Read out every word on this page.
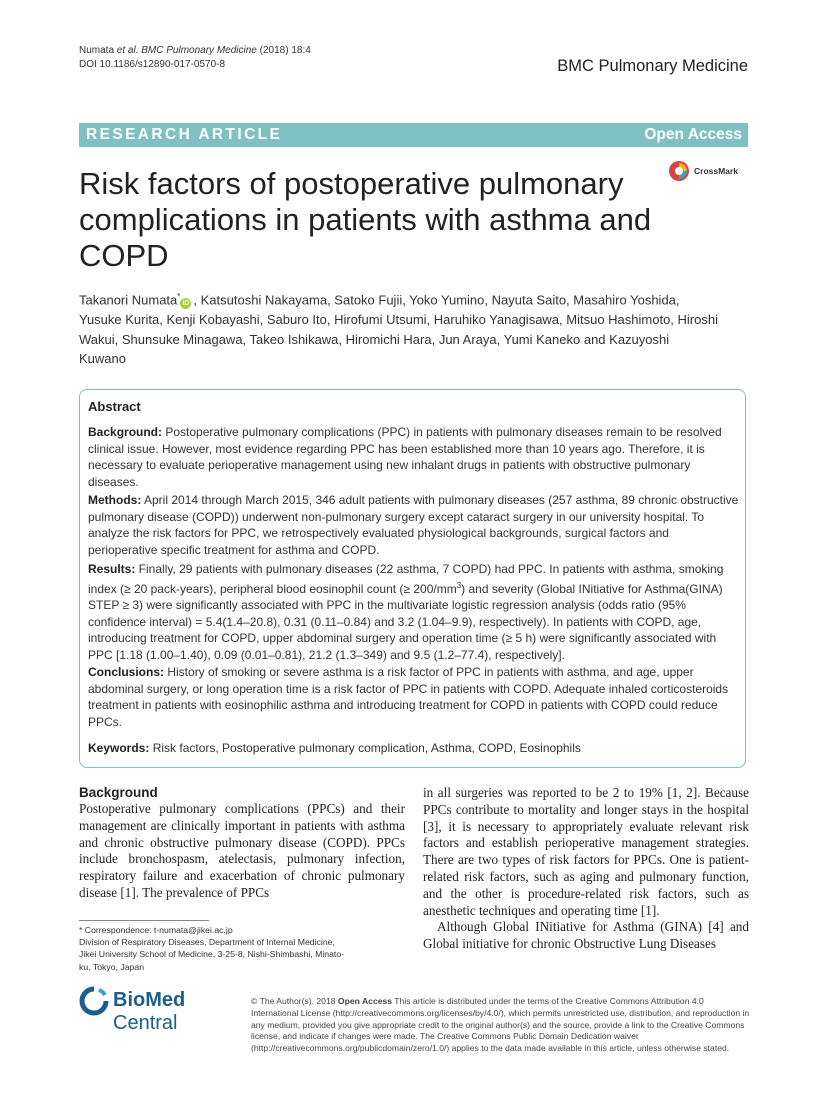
Numata et al. BMC Pulmonary Medicine (2018) 18:4
DOI 10.1186/s12890-017-0570-8	BMC Pulmonary Medicine
RESEARCH ARTICLE	Open Access
Risk factors of postoperative pulmonary complications in patients with asthma and COPD
CrossMark
Takanori Numata*iD , Katsutoshi Nakayama, Satoko Fujii, Yoko Yumino, Nayuta Saito, Masahiro Yoshida, Yusuke Kurita, Kenji Kobayashi, Saburo Ito, Hirofumi Utsumi, Haruhiko Yanagisawa, Mitsuo Hashimoto, Hiroshi Wakui, Shunsuke Minagawa, Takeo Ishikawa, Hiromichi Hara, Jun Araya, Yumi Kaneko and Kazuyoshi Kuwano
Abstract
Background: Postoperative pulmonary complications (PPC) in patients with pulmonary diseases remain to be resolved clinical issue. However, most evidence regarding PPC has been established more than 10 years ago. Therefore, it is necessary to evaluate perioperative management using new inhalant drugs in patients with obstructive pulmonary diseases.
Methods: April 2014 through March 2015, 346 adult patients with pulmonary diseases (257 asthma, 89 chronic obstructive pulmonary disease (COPD)) underwent non-pulmonary surgery except cataract surgery in our university hospital. To analyze the risk factors for PPC, we retrospectively evaluated physiological backgrounds, surgical factors and perioperative specific treatment for asthma and COPD.
Results: Finally, 29 patients with pulmonary diseases (22 asthma, 7 COPD) had PPC. In patients with asthma, smoking index (≥ 20 pack-years), peripheral blood eosinophil count (≥ $200/mm^3$) and severity (Global INitiative for Asthma(GINA) STEP ≥ 3) were significantly associated with PPC in the multivariate logistic regression analysis (odds ratio (95% confidence interval) = 5.4(1.4–20.8), 0.31 (0.11–0.84) and 3.2 (1.04–9.9), respectively). In patients with COPD, age, introducing treatment for COPD, upper abdominal surgery and operation time (≥ 5 h) were significantly associated with PPC [1.18 (1.00–1.40), 0.09 (0.01–0.81), 21.2 (1.3–349) and 9.5 (1.2–77.4), respectively].
Conclusions: History of smoking or severe asthma is a risk factor of PPC in patients with asthma, and age, upper abdominal surgery, or long operation time is a risk factor of PPC in patients with COPD. Adequate inhaled corticosteroids treatment in patients with eosinophilic asthma and introducing treatment for COPD in patients with COPD could reduce PPCs.
Keywords: Risk factors, Postoperative pulmonary complication, Asthma, COPD, Eosinophils
Background
Postoperative pulmonary complications (PPCs) and their management are clinically important in patients with asthma and chronic obstructive pulmonary disease (COPD). PPCs include bronchospasm, atelectasis, pulmonary infection, respiratory failure and exacerbation of chronic pulmonary disease [1]. The prevalence of PPCs
in all surgeries was reported to be 2 to 19% [1, 2]. Because PPCs contribute to mortality and longer stays in the hospital [3], it is necessary to appropriately evaluate relevant risk factors and establish perioperative management strategies. There are two types of risk factors for PPCs. One is patient-related risk factors, such as aging and pulmonary function, and the other is procedure-related risk factors, such as anesthetic techniques and operating time [1].
Although Global INitiative for Asthma (GINA) [4] and Global initiative for chronic Obstructive Lung Diseases
* Correspondence: t-numata@jikei.ac.jp
Division of Respiratory Diseases, Department of Internal Medicine, Jikei University School of Medicine, 3-25-8, Nishi-Shimbashi, Minato-ku, Tokyo, Japan
BioMed Central
© The Author(s). 2018 Open Access This article is distributed under the terms of the Creative Commons Attribution 4.0 International License (http://creativecommons.org/licenses/by/4.0/), which permits unrestricted use, distribution, and reproduction in any medium, provided you give appropriate credit to the original author(s) and the source, provide a link to the Creative Commons license, and indicate if changes were made. The Creative Commons Public Domain Dedication waiver (http://creativecommons.org/publicdomain/zero/1.0/) applies to the data made available in this article, unless otherwise stated.
